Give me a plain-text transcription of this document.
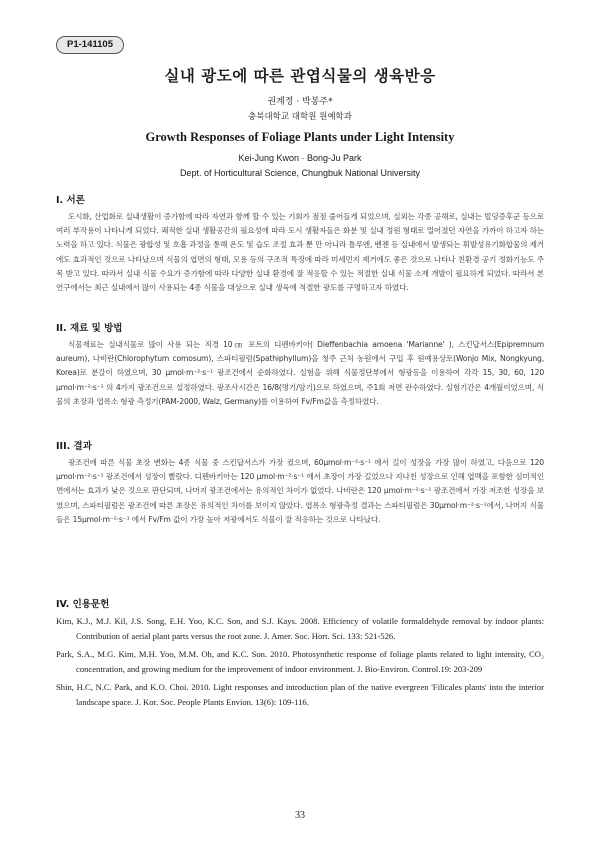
P1-141105
실내 광도에 따른 관엽식물의 생육반응
권계정 · 박봉주*
충북대학교 대학원 원예학과
Growth Responses of Foliage Plants under Light Intensity
Kei-Jung Kwon · Bong-Ju Park
Dept. of Horticultural Science, Chungbuk National University
I. 서론

도시화, 산업화로 실내생활이 증가함에 따라 자연과 함께 할 수 있는 기회가 점점 줄어들게 되었으며, 실외는 각종 공해로, 실내는 빌딩증후군 등으로 여러 부작용이 나타나게 되었다. 쾌적한 실내 생활공간의 필요성에 따라 도시 생활자들은 화분 및 실내 정원 형태로 멀어졌던 자연을 가까이 하고자 하는 노력을 하고 있다. 식물은 광합성 및 호흡 과정을 통해 온도 및 습도 조절 효과 뿐 만 아니라 톨루엔, 벤젠 등 실내에서 발생되는 휘발성유기화합물의 제거에도 효과적인 것으로 나타났으며 식물의 엽면의 형태, 모용 등의 구조적 특징에 따라 미세먼지 제거에도 좋은 것으로 나타나 친환경 공기 정화기능도 주목 받고 있다. 따라서 실내 식물 수요가 증가함에 따라 다양한 실내 환경에 잘 적응할 수 있는 적절한 실내 식물 소재 개발이 필요하게 되었다. 따라서 본 연구에서는 최근 실내에서 많이 사용되는 4종 식물을 대상으로 실내 생육에 적절한 광도를 구명하고자 하였다.

II. 재료 및 방법

식물재료는 실내식물로 많이 사용 되는 직경 10㎝ 포트의 디펜바키아( Dieffenbachia amoena 'Marianne' ), 스킨답서스(Epipremnum aureum), 나비란(Chlorophytum comosum), 스파티필럼(Spathiphyllum)을 청주 근처 농원에서 구입 후 원예용상토(Wonjo Mix, Nongkyung, Korea)로 분갈이 하였으며, 30 μmol·m⁻²·s⁻¹ 광조건에서 순화하였다. 실험을 위해 식물정단부에서 형광등을 이용하여 각각 15, 30, 60, 120 μmol·m⁻²·s⁻¹ 의 4가지 광조건으로 설정하였다. 광조사시간은 16/8(명기/암기)으로 하였으며, 주1회 저면 관수하였다. 실험기간은 4개월이었으며, 식물의 초장과 엽록소 형광 측정기(PAM-2000, Walz, Germany)를 이용하여 Fv/Fm값을 측정하였다.

III. 결과

광조건에 따른 식물 초장 변화는 4종 식물 중 스킨답서스가 가장 컸으며, 60μmol·m⁻²·s⁻¹ 에서 길이 성장을 가장 많이 하였고, 다음으로 120 μmol·m⁻²·s⁻¹ 광조건에서 성장이 빨랐다. 디펜바키아는 120 μmol·m⁻²·s⁻¹ 에서 초장이 가장 길었으나 지나친 성장으로 인해 엽맥을 포함한 심미적인 면에서는 효과가 낮은 것으로 판단되며, 나머지 광조건에서는 유의적인 차이가 없었다. 나비란은 120 μmol·m⁻²·s⁻¹ 광조건에서 가장 저조한 성장을 보였으며, 스파티필럼은 광조건에 따른 초장은 유의적인 차이를 보이지 않았다. 엽록소 형광측정 결과는 스파티필럼은 30μmol·m⁻²·s⁻¹에서, 나머지 식물들은 15μmol·m⁻²·s⁻¹ 에서 Fv/Fm 값이 가장 높아 저광에서도 식물이 잘 적응하는 것으로 나타났다.

IV. 인용문헌
Kim, K.J., M.J. Kil, J.S. Song, E.H. Yoo, K.C. Son, and S.J. Kays. 2008. Efficiency of volatile formaldehyde removal by indoor plants: Contribution of aerial plant parts versus the root zone. J. Amer. Soc. Hort. Sci. 133: 521-526.
Park, S.A., M.G. Kim, M.H. Yoo, M.M. Oh, and K.C. Son. 2010. Photosynthetic response of foliage plants related to light intensity, CO₂ concentration, and growing medium for the improvement of indoor environment. J. Bio-Environ. Control.19: 203-209
Shin, H.C, N.C. Park, and K.O. Choi. 2010. Light responses and introduction plan of the native evergreen 'Filicales plants' into the interior landscape space. J. Kor. Soc. People Plants Envion. 13(6): 109-116.
33
